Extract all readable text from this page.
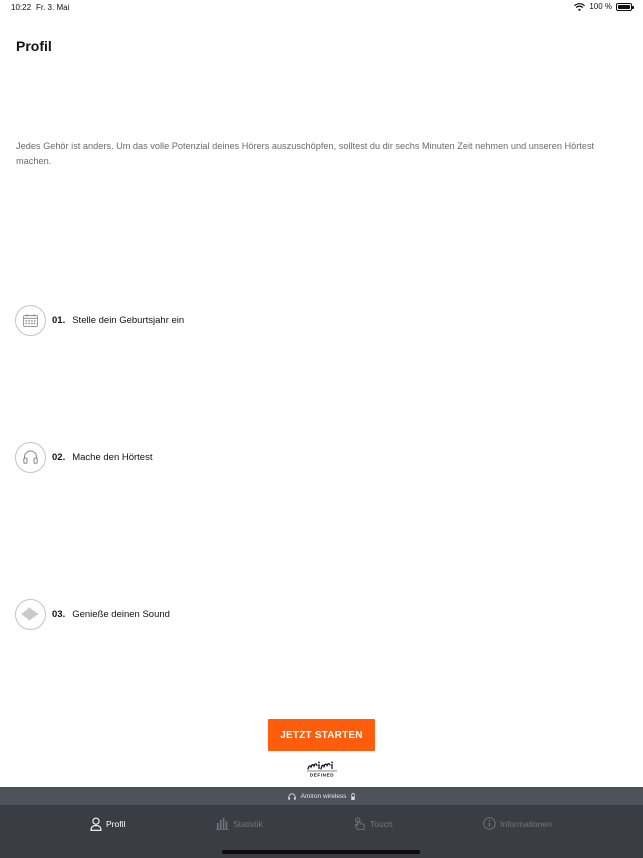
10:22 Fr. 3. Mai	100 %
Profil

Jedes Gehör ist anders. Um das volle Potenzial deines Hörers auszuschöpfen, solltest du dir sechs Minuten Zeit nehmen und unseren Hörtest machen.

01. Stelle dein Geburtsjahr ein
02. Mache den Hörtest
03. Genieße deinen Sound
JETZT STARTEN
DEFINED
Amiron wireless
Profil	Statistik	Touch	Informationen
